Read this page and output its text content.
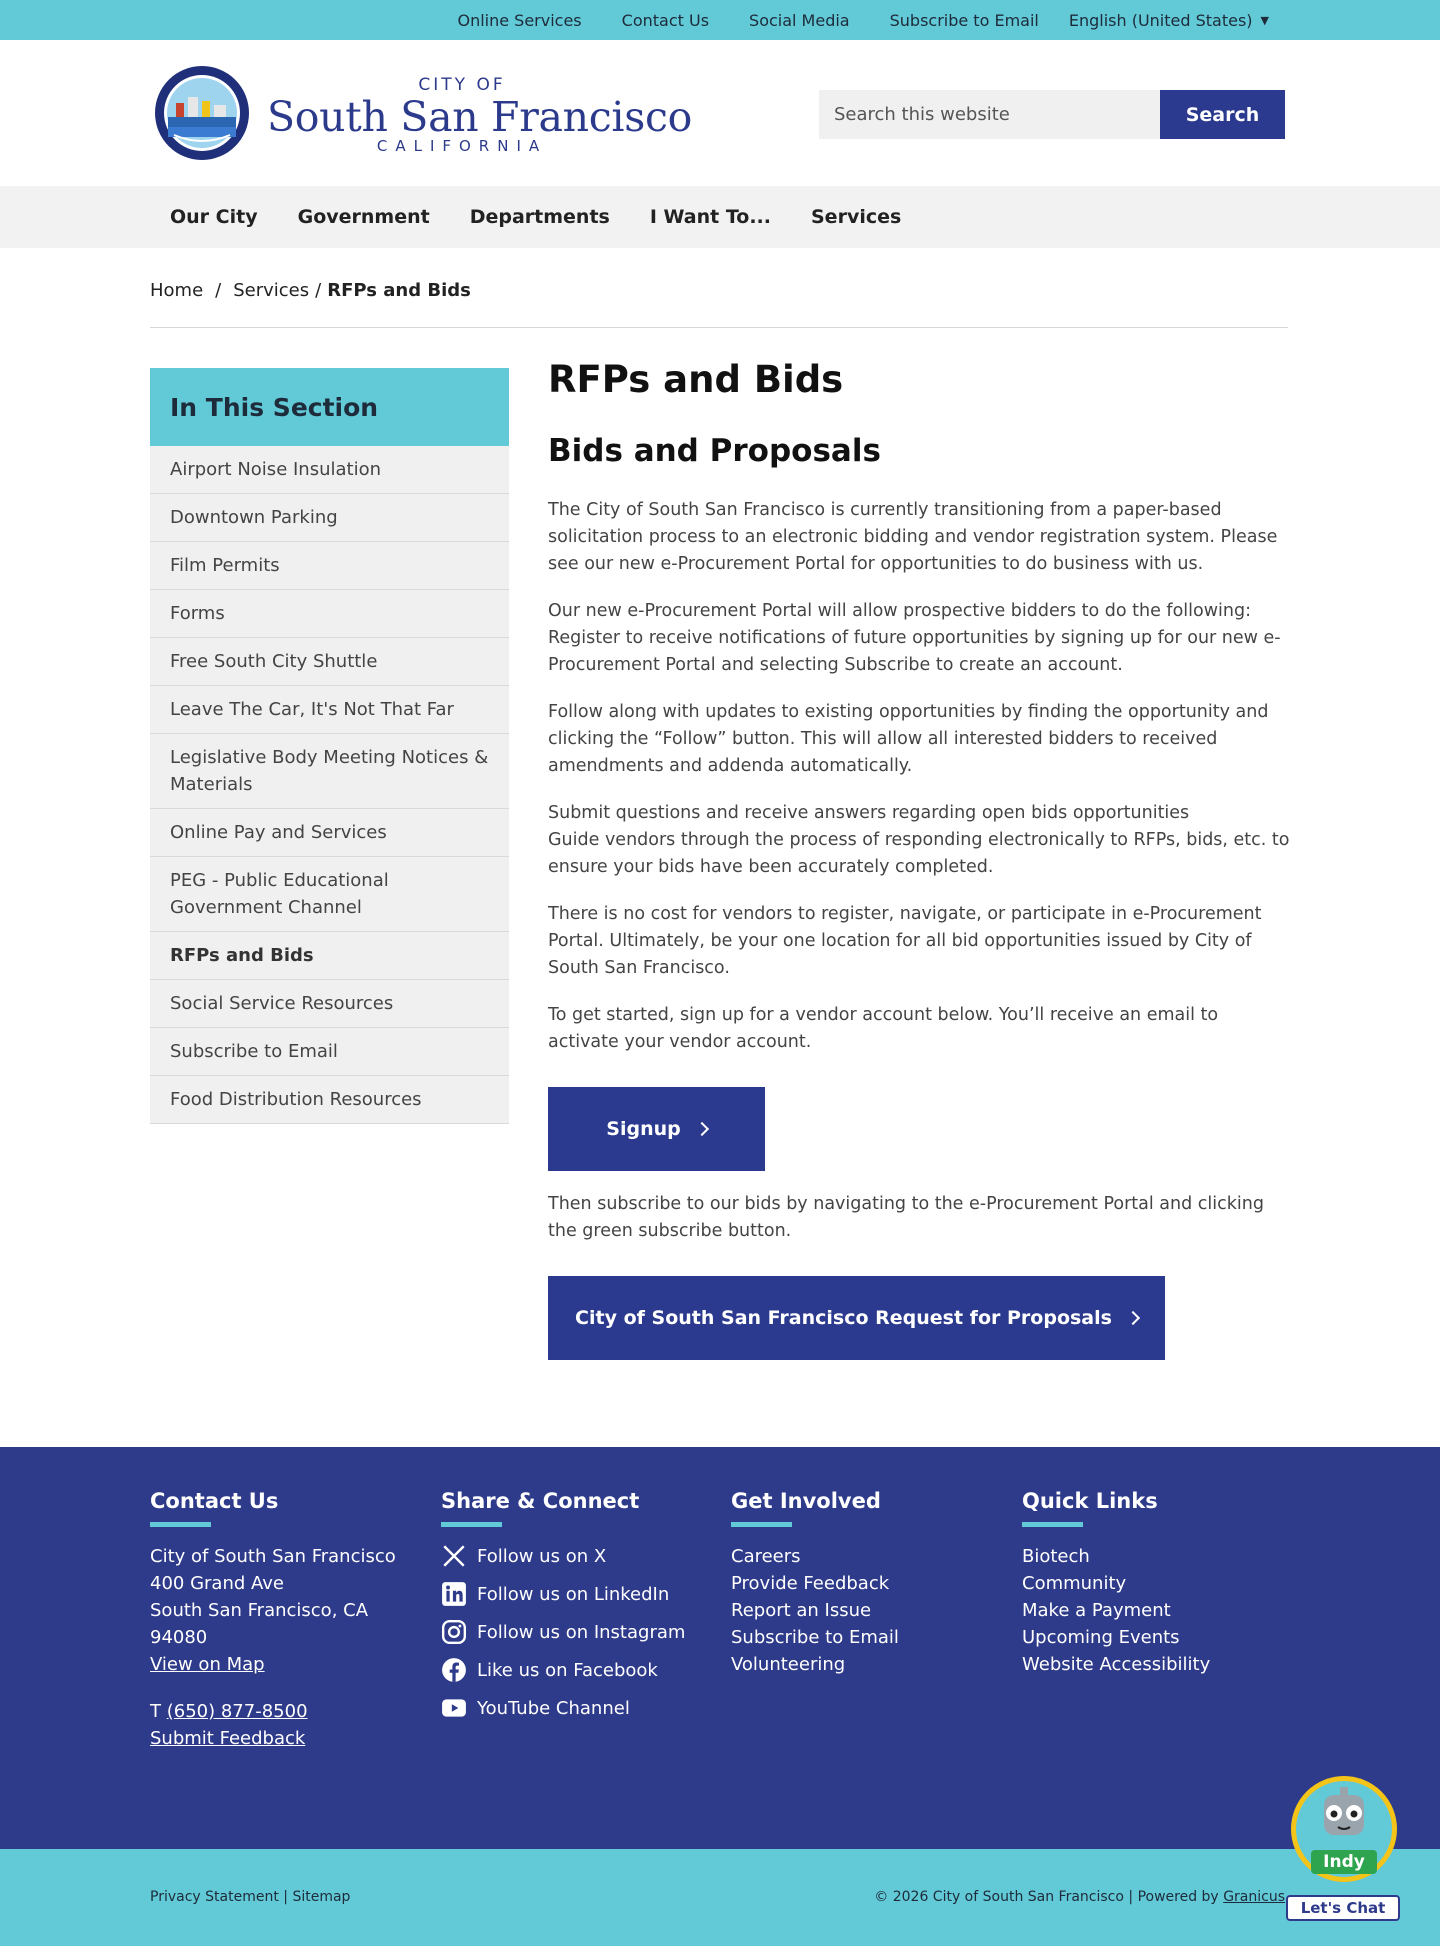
Online Services	Contact Us	Social Media	Subscribe to Email English (United States) ▼
CITY OF
South San Francisco
CALIFORNIA
Search this website	Search
Our City Government Departments I Want To... Services
Home / Services / RFPs and Bids
In This Section
Airport Noise Insulation
Downtown Parking
Film Permits
Forms
Free South City Shuttle
Leave The Car, It's Not That Far
Legislative Body Meeting Notices & Materials
Online Pay and Services
PEG - Public Educational Government Channel
RFPs and Bids
Social Service Resources
Subscribe to Email
Food Distribution Resources
RFPs and Bids
Bids and Proposals

The City of South San Francisco is currently transitioning from a paper-based solicitation process to an electronic bidding and vendor registration system. Please see our new e-Procurement Portal for opportunities to do business with us.

Our new e-Procurement Portal will allow prospective bidders to do the following: Register to receive notifications of future opportunities by signing up for our new e-Procurement Portal and selecting Subscribe to create an account.

Follow along with updates to existing opportunities by finding the opportunity and clicking the “Follow” button. This will allow all interested bidders to received amendments and addenda automatically.

Submit questions and receive answers regarding open bids opportunities
Guide vendors through the process of responding electronically to RFPs, bids, etc. to ensure your bids have been accurately completed.

There is no cost for vendors to register, navigate, or participate in e-Procurement Portal. Ultimately, be your one location for all bid opportunities issued by City of South San Francisco.

To get started, sign up for a vendor account below. You’ll receive an email to activate your vendor account.

Signup

Then subscribe to our bids by navigating to the e-Procurement Portal and clicking the green subscribe button.

City of South San Francisco Request for Proposals
Contact Us
City of South San Francisco
400 Grand Ave
South San Francisco, CA
94080
View on Map
T (650) 877-8500
Submit Feedback
Share & Connect
Follow us on X
Follow us on LinkedIn
Follow us on Instagram
Like us on Facebook
YouTube Channel
Get Involved
Careers
Provide Feedback
Report an Issue
Subscribe to Email
Volunteering
Quick Links
Biotech
Community
Make a Payment
Upcoming Events
Website Accessibility
Privacy Statement | Sitemap	© 2026 City of South San Francisco | Powered by Granicus
Indy
Let's Chat
